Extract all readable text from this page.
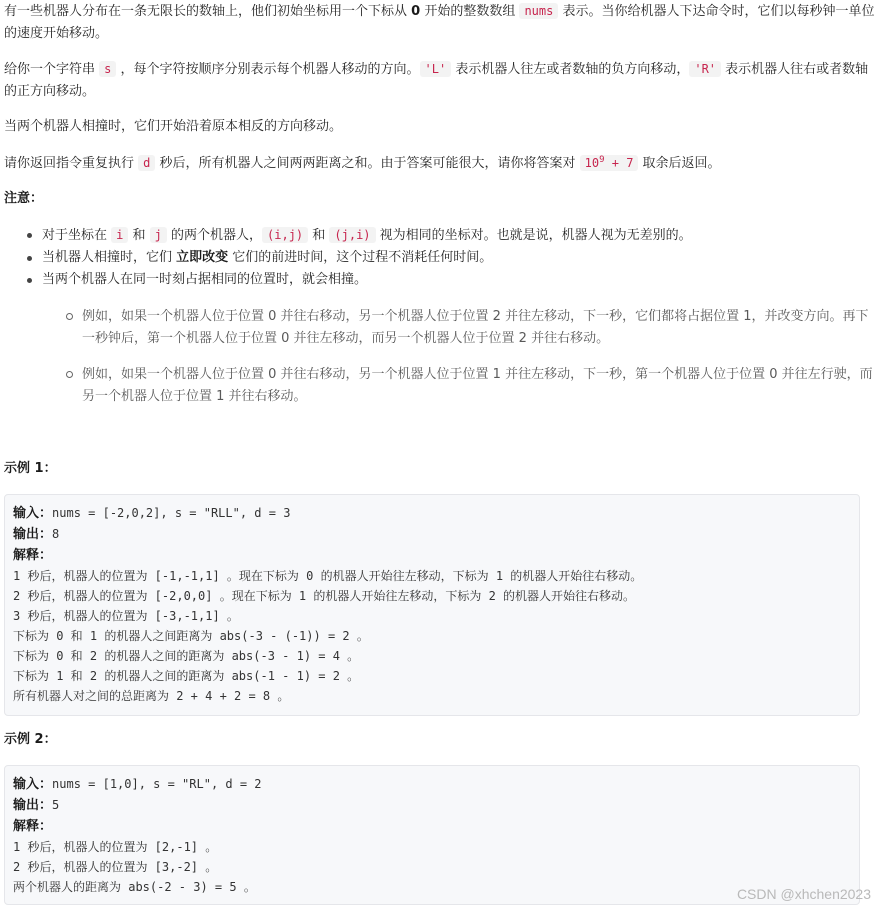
有一些机器人分布在一条无限长的数轴上，他们初始坐标用一个下标从 0 开始的整数数组 nums 表示。当你给机器人下达命令时，它们以每秒钟一单位的速度开始移动。

给你一个字符串 s ，每个字符按顺序分别表示每个机器人移动的方向。 'L' 表示机器人往左或者数轴的负方向移动， 'R' 表示机器人往右或者数轴的正方向移动。

当两个机器人相撞时，它们开始沿着原本相反的方向移动。

请你返回指令重复执行 d 秒后，所有机器人之间两两距离之和。由于答案可能很大，请你将答案对 $10^9 + 7$ 取余后返回。

注意：

对于坐标在 i 和 j 的两个机器人， (i,j) 和 (j,i) 视为相同的坐标对。也就是说，机器人视为无差别的。
当机器人相撞时，它们 立即改变 它们的前进时间，这个过程不消耗任何时间。
当两个机器人在同一时刻占据相同的位置时，就会相撞。
例如，如果一个机器人位于位置 0 并往右移动，另一个机器人位于位置 2 并往左移动，下一秒，它们都将占据位置 1，并改变方向。再下一秒钟后，第一个机器人位于位置 0 并往左移动，而另一个机器人位于位置 2 并往右移动。
例如，如果一个机器人位于位置 0 并往右移动，另一个机器人位于位置 1 并往左移动，下一秒，第一个机器人位于位置 0 并往左行驶，而另一个机器人位于位置 1 并往右移动。
示例 1：
输入：nums = [-2,0,2], s = "RLL", d = 3
输出：8
解释：
1 秒后，机器人的位置为 [-1,-1,1] 。现在下标为 0 的机器人开始往左移动，下标为 1 的机器人开始往右移动。
2 秒后，机器人的位置为 [-2,0,0] 。现在下标为 1 的机器人开始往左移动，下标为 2 的机器人开始往右移动。
3 秒后，机器人的位置为 [-3,-1,1] 。
下标为 0 和 1 的机器人之间距离为 abs(-3 - (-1)) = 2 。
下标为 0 和 2 的机器人之间的距离为 abs(-3 - 1) = 4 。
下标为 1 和 2 的机器人之间的距离为 abs(-1 - 1) = 2 。
所有机器人对之间的总距离为 2 + 4 + 2 = 8 。
示例 2：
输入：nums = [1,0], s = "RL", d = 2
输出：5
解释：
1 秒后，机器人的位置为 [2,-1] 。
2 秒后，机器人的位置为 [3,-2] 。
两个机器人的距离为 abs(-2 - 3) = 5 。	CSDN @xhchen2023
